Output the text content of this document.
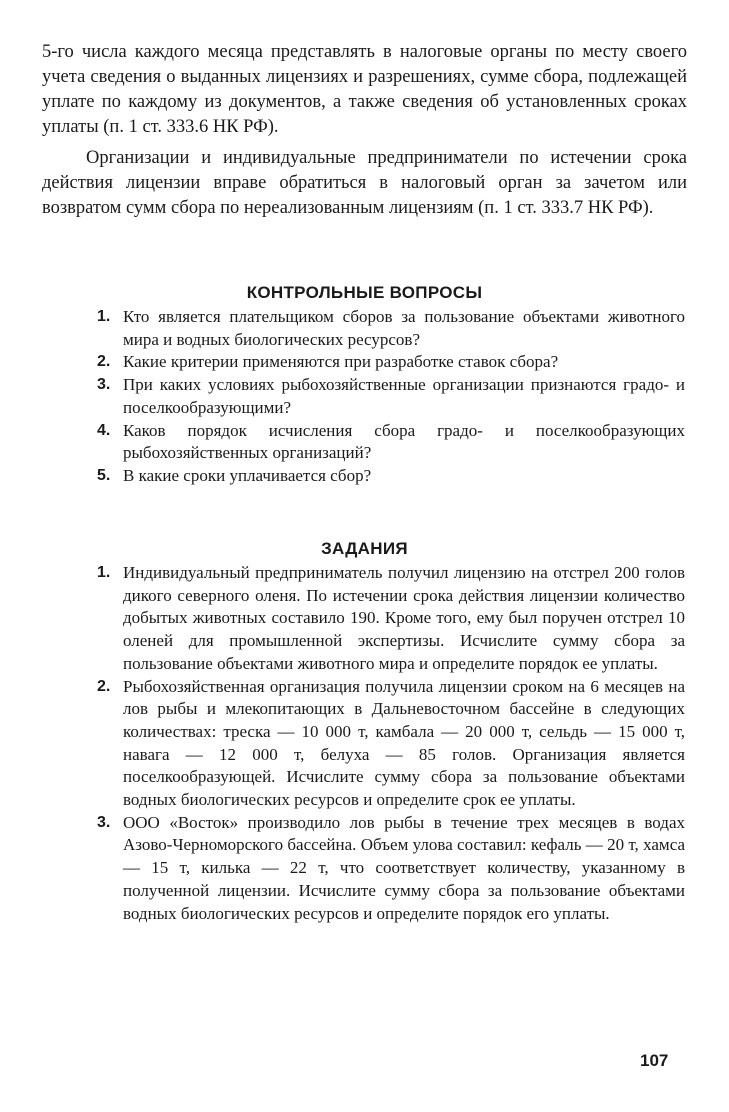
5-го числа каждого месяца представлять в налоговые органы по месту своего учета сведения о выданных лицензиях и разрешениях, сумме сбора, подлежащей уплате по каждому из документов, а также сведения об установленных сроках уплаты (п. 1 ст. 333.6 НК РФ).

Организации и индивидуальные предприниматели по истечении срока действия лицензии вправе обратиться в налоговый орган за зачетом или возвратом сумм сбора по нереализованным лицензиям (п. 1 ст. 333.7 НК РФ).

КОНТРОЛЬНЫЕ ВОПРОСЫ
1. Кто является плательщиком сборов за пользование объектами животного мира и водных биологических ресурсов?
2. Какие критерии применяются при разработке ставок сбора?
3. При каких условиях рыбохозяйственные организации признаются градо- и поселкообразующими?
4. Каков порядок исчисления сбора градо- и поселкообразующих рыбохозяйственных организаций?
5. В какие сроки уплачивается сбор?
ЗАДАНИЯ
1. Индивидуальный предприниматель получил лицензию на отстрел 200 голов дикого северного оленя. По истечении срока действия лицензии количество добытых животных составило 190. Кроме того, ему был поручен отстрел 10 оленей для промышленной экспертизы. Исчислите сумму сбора за пользование объектами животного мира и определите порядок ее уплаты.
2. Рыбохозяйственная организация получила лицензии сроком на 6 месяцев на лов рыбы и млекопитающих в Дальневосточном бассейне в следующих количествах: треска — 10 000 т, камбала — 20 000 т, сельдь — 15 000 т, навага — 12 000 т, белуха — 85 голов. Организация является поселкообразующей. Исчислите сумму сбора за пользование объектами водных биологических ресурсов и определите срок ее уплаты.
3. ООО «Восток» производило лов рыбы в течение трех месяцев в водах Азово-Черноморского бассейна. Объем улова составил: кефаль — 20 т, хамса — 15 т, килька — 22 т, что соответствует количеству, указанному в полученной лицензии. Исчислите сумму сбора за пользование объектами водных биологических ресурсов и определите порядок его уплаты.
107
